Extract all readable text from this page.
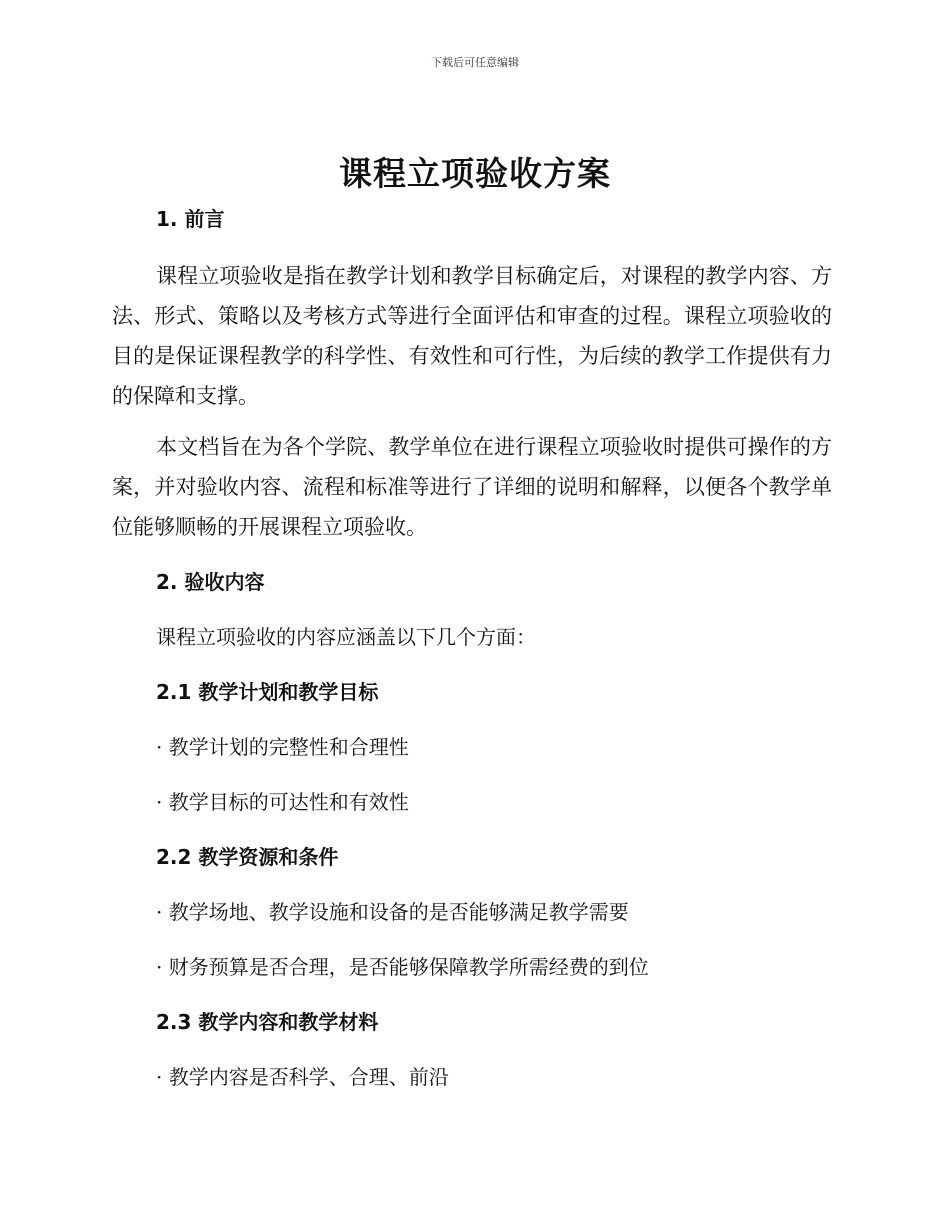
下载后可任意编辑
课程立项验收方案
1. 前言
课程立项验收是指在教学计划和教学目标确定后，对课程的教学内容、方法、形式、策略以及考核方式等进行全面评估和审查的过程。课程立项验收的目的是保证课程教学的科学性、有效性和可行性，为后续的教学工作提供有力的保障和支撑。
本文档旨在为各个学院、教学单位在进行课程立项验收时提供可操作的方案，并对验收内容、流程和标准等进行了详细的说明和解释，以便各个教学单位能够顺畅的开展课程立项验收。
2. 验收内容
课程立项验收的内容应涵盖以下几个方面：
2.1 教学计划和教学目标
· 教学计划的完整性和合理性
· 教学目标的可达性和有效性
2.2 教学资源和条件
· 教学场地、教学设施和设备的是否能够满足教学需要
· 财务预算是否合理，是否能够保障教学所需经费的到位
2.3 教学内容和教学材料
· 教学内容是否科学、合理、前沿
